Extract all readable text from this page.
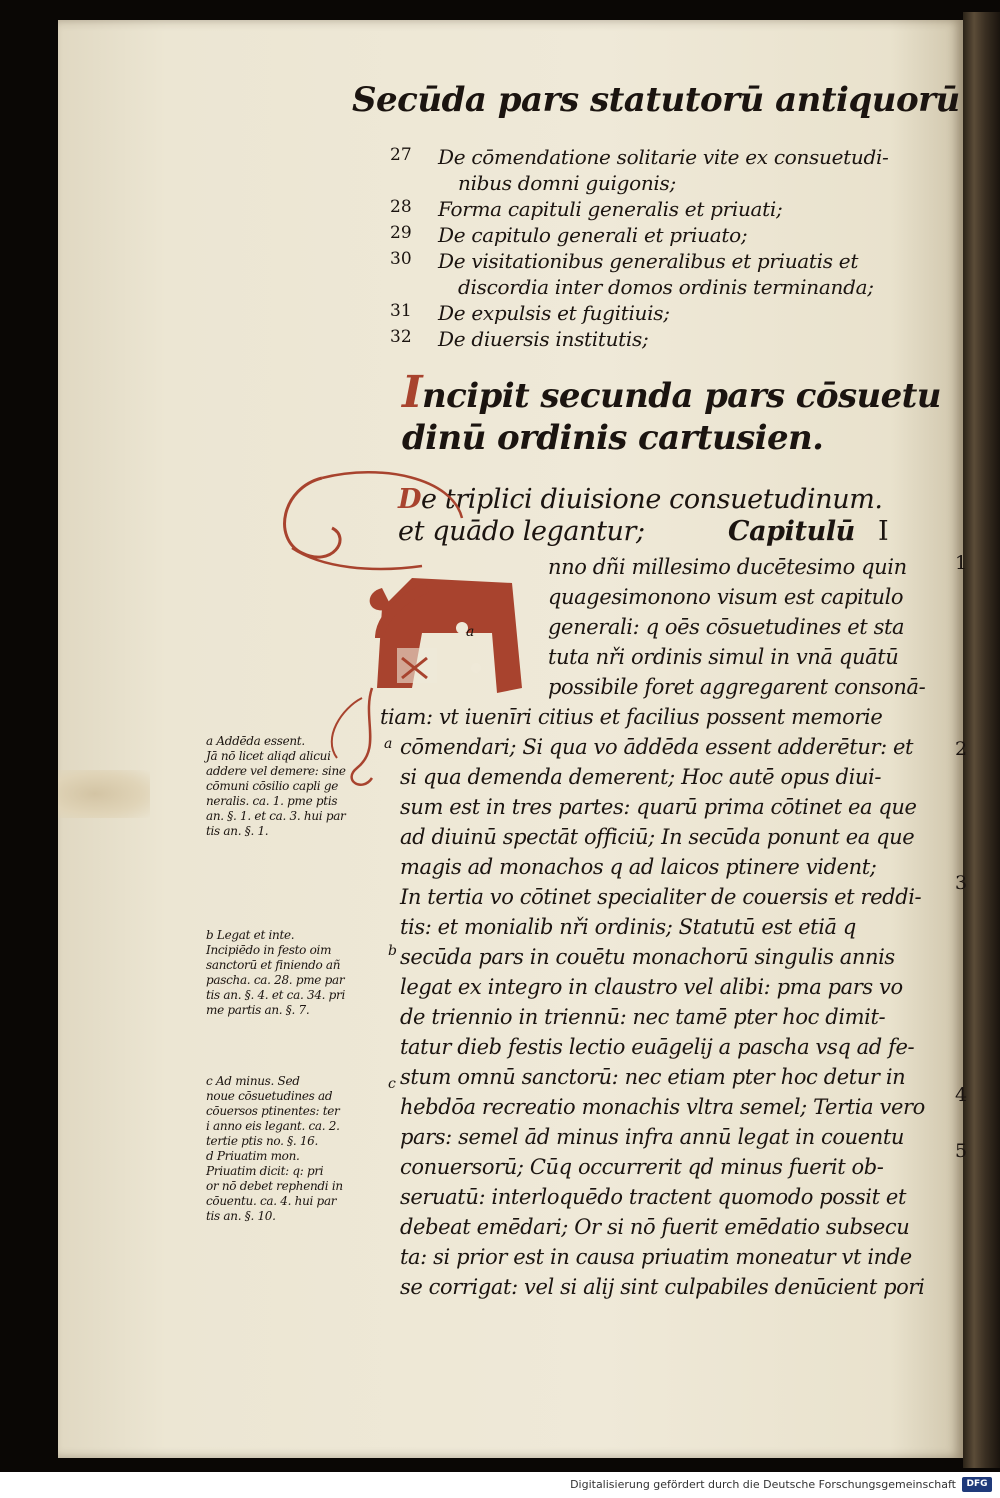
Secūda pars statutorū antiquorū
27	De cōmendatione solitarie vite ex consuetudi-
nibus domni guigonis;
28	Forma capituli generalis et priuati;
29	De capitulo generali et priuato;
30	De visitationibus generalibus et priuatis et
discordia inter domos ordinis terminanda;
31	De expulsis et fugitiuis;
32	De diuersis institutis;
Incipit secunda pars cōsuetu
dinū ordinis cartusien.
De triplici diuisione consuetudinum.
et quādo legantur;	Capitulū I
nno dñi millesimo ducētesimo quin
quagesimonono visum est capitulo
generali: q oēs cōsuetudines et sta
tuta nři ordinis simul in vnā quātū
possibile foret aggregarent consonā-
tiam: vt iuenīri citius et facilius possent memorie
cōmendari; Si qua vo āddēda essent adderētur: et
si qua demenda demerent; Hoc autē opus diui-
sum est in tres partes: quarū prima cōtinet ea que
ad diuinū spectāt officiū; In secūda ponunt ea que
magis ad monachos q ad laicos ptinere vident;
In tertia vo cōtinet specialiter de couersis et reddi-
tis: et monialib nři ordinis; Statutū est etiā q
secūda pars in couētu monachorū singulis annis
legat ex integro in claustro vel alibi: pma pars vo
de triennio in triennū: nec tamē pter hoc dimit-
tatur dieb festis lectio euāgelij a pascha vsq ad fe-
stum omnū sanctorū: nec etiam pter hoc detur in
hebdōa recreatio monachis vltra semel; Tertia vero
pars: semel ād minus infra annū legat in couentu
conuersorū; Cūq occurrerit qd minus fuerit ob-
seruatū: interloquēdo tractent quomodo possit et
debeat emēdari; Or si nō fuerit emēdatio subsecu
ta: si prior est in causa priuatim moneatur vt inde
se corrigat: vel si alij sint culpabiles denūcient pori
a
a
b
c
1
2
3
4
5
a Addēda essent.
Jā nō licet aliqd alicui
addere vel demere: sine
cōmuni cōsilio capli ge
neralis. ca. 1. pme ptis
an. §. 1. et ca. 3. hui par
tis an. §. 1.
b Legat et inte.
Incipiēdo in festo oim
sanctorū et finiendo añ
pascha. ca. 28. pme par
tis an. §. 4. et ca. 34. pri
me partis an. §. 7.
c Ad minus. Sed
noue cōsuetudines ad
cōuersos ptinentes: ter
i anno eis legant. ca. 2.
tertie ptis no. §. 16.
d Priuatim mon.
Priuatim dicit: q: pri
or nō debet rephendi in
cōuentu. ca. 4. hui par
tis an. §. 10.
Digitalisierung gefördert durch die Deutsche Forschungsgemeinschaft	DFG
